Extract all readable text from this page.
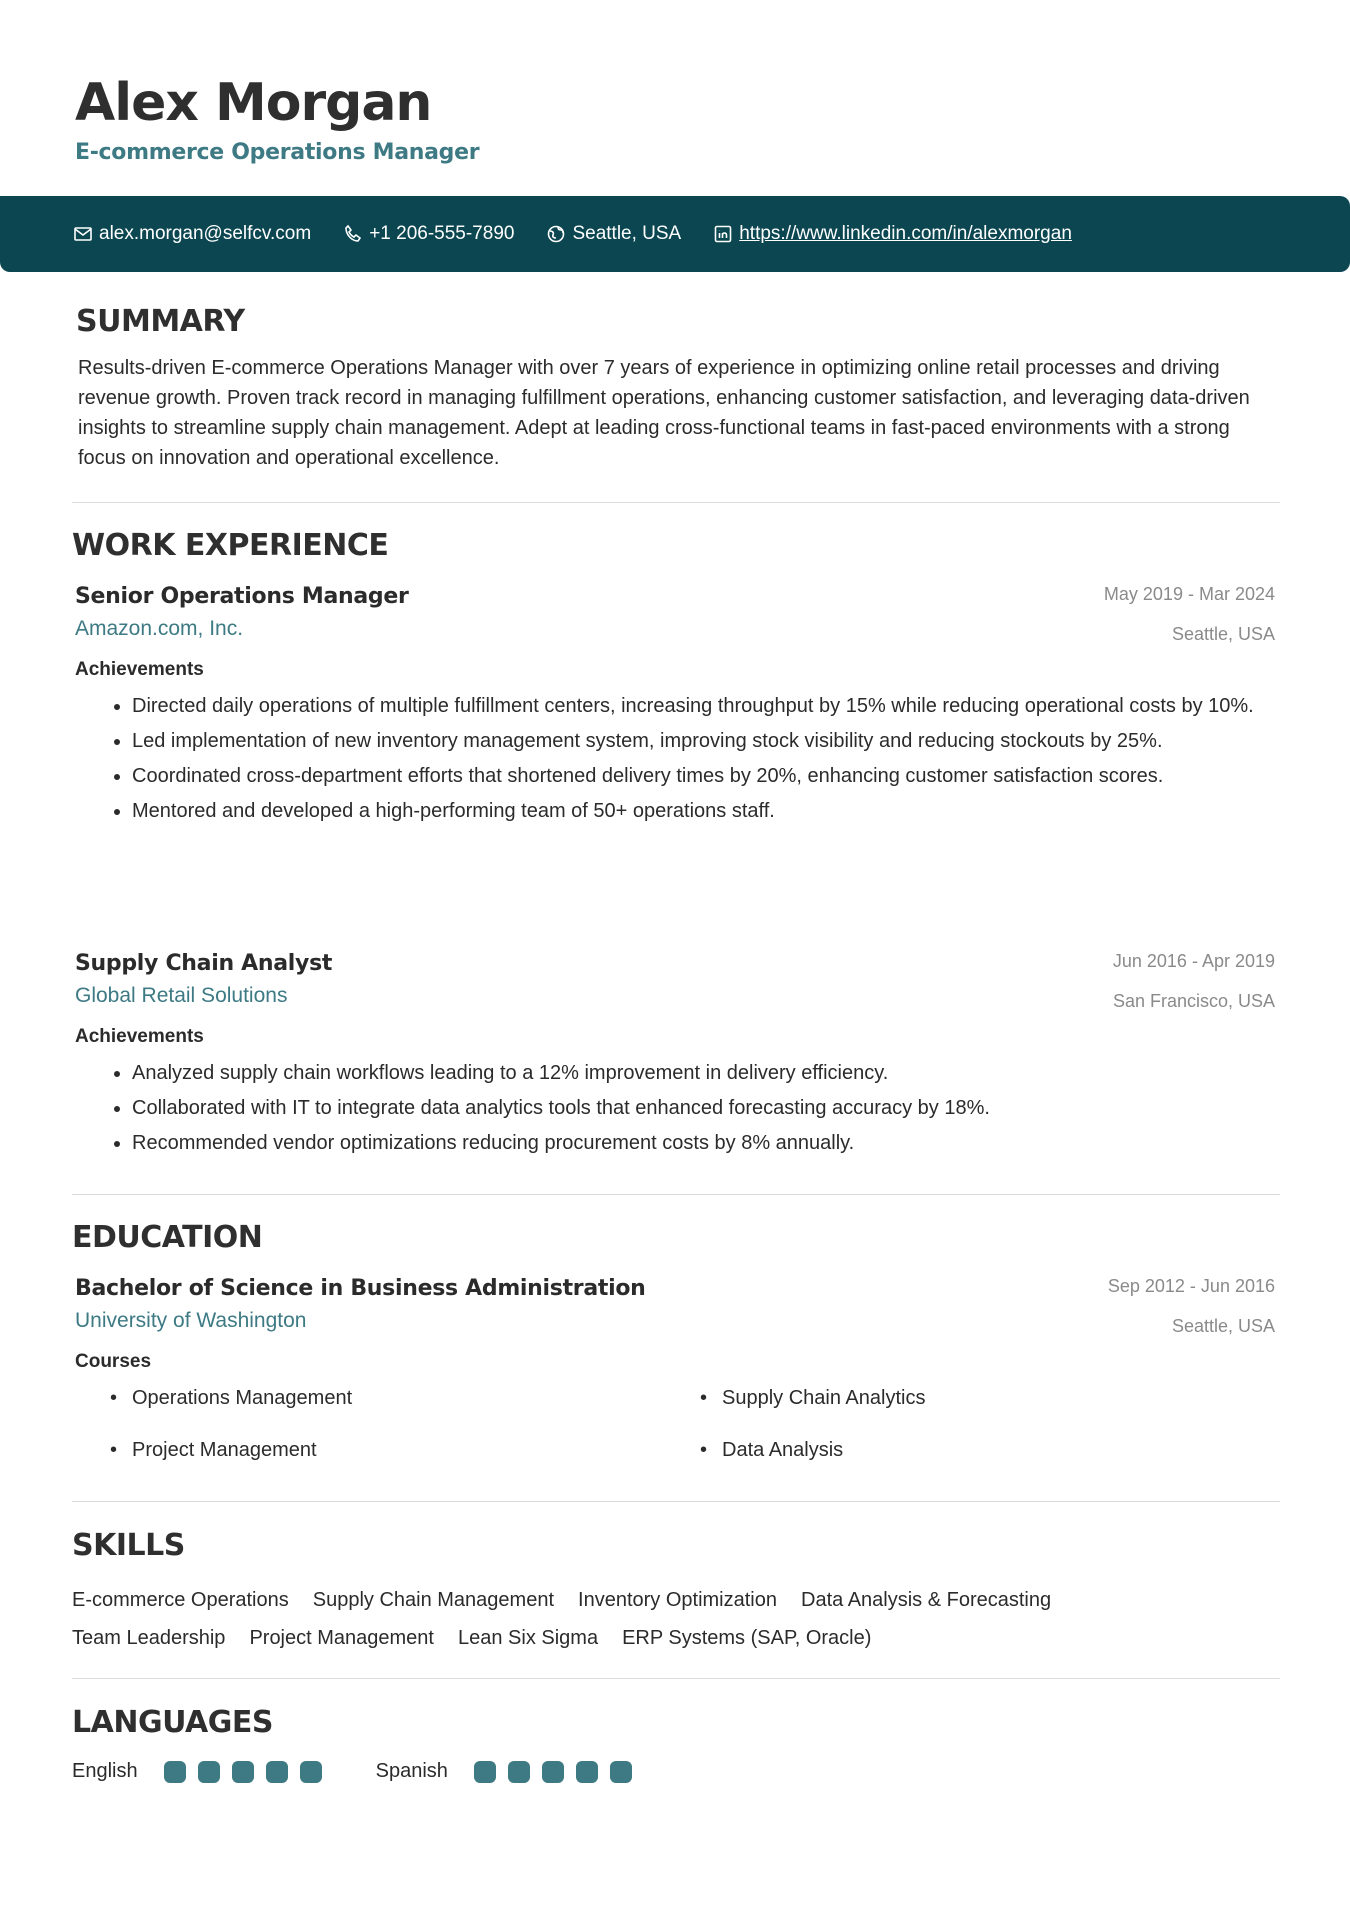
Alex Morgan
E-commerce Operations Manager
alex.morgan@selfcv.com	+1 206-555-7890	Seattle, USA	https://www.linkedin.com/in/alexmorgan
SUMMARY
Results-driven E-commerce Operations Manager with over 7 years of experience in optimizing online retail processes and driving revenue growth. Proven track record in managing fulfillment operations, enhancing customer satisfaction, and leveraging data-driven insights to streamline supply chain management. Adept at leading cross-functional teams in fast-paced environments with a strong focus on innovation and operational excellence.
WORK EXPERIENCE
Senior Operations Manager
Amazon.com, Inc.
May 2019 - Mar 2024
Seattle, USA
Achievements
• Directed daily operations of multiple fulfillment centers, increasing throughput by 15% while reducing operational costs by 10%.
• Led implementation of new inventory management system, improving stock visibility and reducing stockouts by 25%.
• Coordinated cross-department efforts that shortened delivery times by 20%, enhancing customer satisfaction scores.
• Mentored and developed a high-performing team of 50+ operations staff.
Supply Chain Analyst
Global Retail Solutions
Jun 2016 - Apr 2019
San Francisco, USA
Achievements
• Analyzed supply chain workflows leading to a 12% improvement in delivery efficiency.
• Collaborated with IT to integrate data analytics tools that enhanced forecasting accuracy by 18%.
• Recommended vendor optimizations reducing procurement costs by 8% annually.
EDUCATION
Bachelor of Science in Business Administration
University of Washington
Sep 2012 - Jun 2016
Seattle, USA
Courses
• Operations Management	• Supply Chain Analytics
• Project Management	• Data Analysis
SKILLS
E-commerce Operations Supply Chain Management Inventory Optimization Data Analysis & Forecasting
Team Leadership Project Management Lean Six Sigma ERP Systems (SAP, Oracle)
LANGUAGES
English	Spanish
